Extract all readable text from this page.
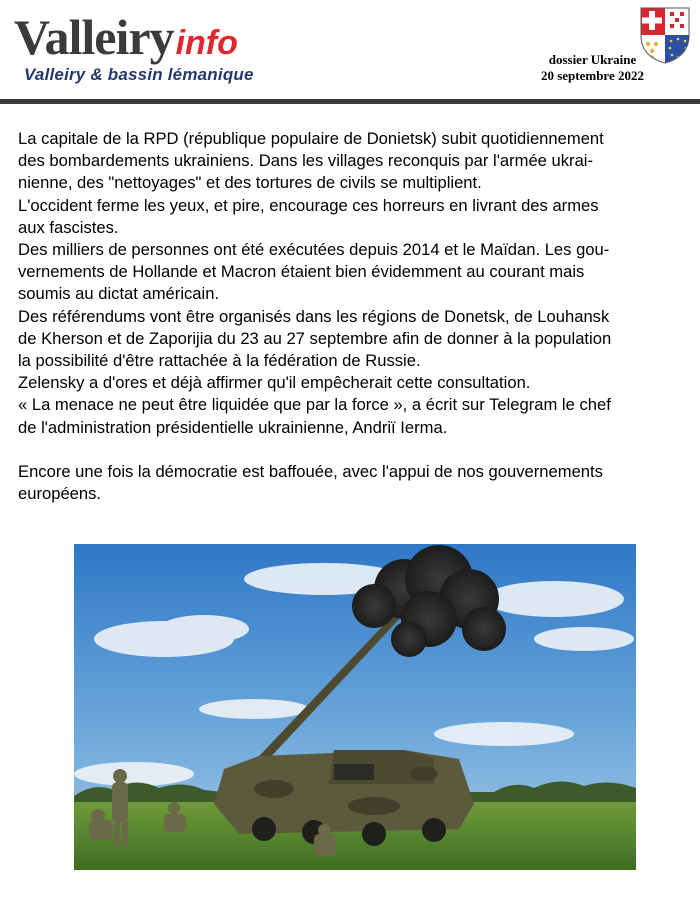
Valleiryinfo
Valleiry & bassin lémanique
dossier Ukraine
20 septembre 2022

La capitale de la RPD (république populaire de Donietsk) subit quotidiennement

des bombardements ukrainiens. Dans les villages reconquis par l'armée ukrai-

nienne, des "nettoyages" et des tortures de civils se multiplient.

L'occident ferme les yeux, et pire, encourage ces horreurs en livrant des armes

aux fascistes.

Des milliers de personnes ont été exécutées depuis 2014 et le Maïdan. Les gou-

vernements de Hollande et Macron étaient bien évidemment au courant mais

soumis au dictat américain.

Des référendums vont être organisés dans les régions de Donetsk, de Louhansk

de Kherson et de Zaporijia du 23 au 27 septembre afin de donner à la population

la possibilité d'être rattachée à la fédération de Russie.

Zelensky a d'ores et déjà affirmer qu'il empêcherait cette consultation.

« La menace ne peut être liquidée que par la force », a écrit sur Telegram le chef

de l'administration présidentielle ukrainienne, Andriï Ierma.

Encore une fois la démocratie est baffouée, avec l'appui de nos gouvernements

européens.
